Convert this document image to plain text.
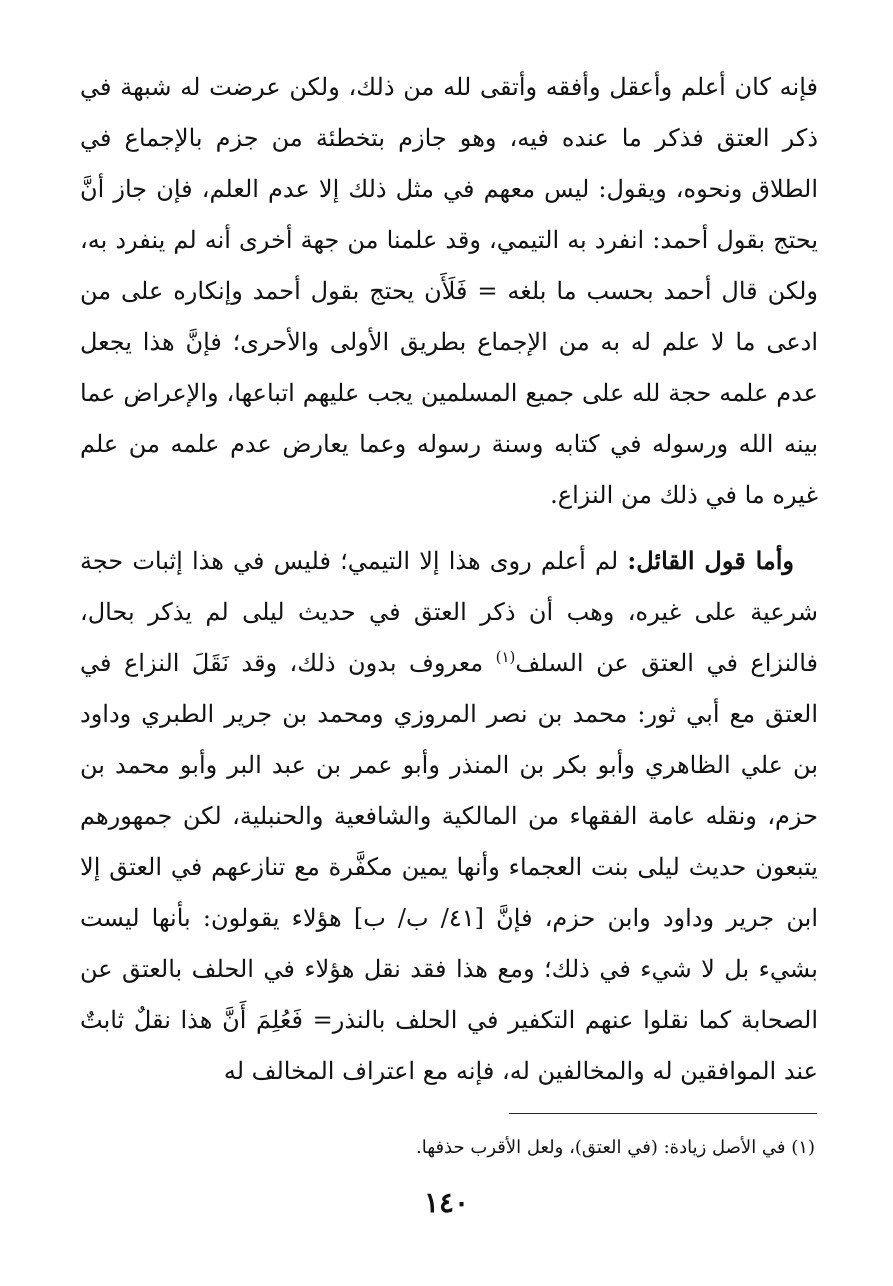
فإنه كان أعلم وأعقل وأفقه وأتقى لله من ذلك، ولكن عرضت له شبهة في ذكر العتق فذكر ما عنده فيه، وهو جازم بتخطئة من جزم بالإجماع في الطلاق ونحوه، ويقول: ليس معهم في مثل ذلك إلا عدم العلم، فإن جاز أنَّ يحتج بقول أحمد: انفرد به التيمي، وقد علمنا من جهة أخرى أنه لم ينفرد به، ولكن قال أحمد بحسب ما بلغه = فَلَأَن يحتج بقول أحمد وإنكاره على من ادعى ما لا علم له به من الإجماع بطريق الأولى والأحرى؛ فإنَّ هذا يجعل عدم علمه حجة لله على جميع المسلمين يجب عليهم اتباعها، والإعراض عما بينه الله ورسوله في كتابه وسنة رسوله وعما يعارض عدم علمه من علم غيره ما في ذلك من النزاع.

وأما قول القائل: لم أعلم روى هذا إلا التيمي؛ فليس في هذا إثبات حجة شرعية على غيره، وهب أن ذكر العتق في حديث ليلى لم يذكر بحال، فالنزاع في العتق عن السلف$^{(١)}$ معروف بدون ذلك، وقد نَقَلَ النزاع في العتق مع أبي ثور: محمد بن نصر المروزي ومحمد بن جرير الطبري وداود بن علي الظاهري وأبو بكر بن المنذر وأبو عمر بن عبد البر وأبو محمد بن حزم، ونقله عامة الفقهاء من المالكية والشافعية والحنبلية، لكن جمهورهم يتبعون حديث ليلى بنت العجماء وأنها يمين مكفَّرة مع تنازعهم في العتق إلا ابن جرير وداود وابن حزم، فإنَّ [٤١/ ب/ ب] هؤلاء يقولون: بأنها ليست بشيء بل لا شيء في ذلك؛ ومع هذا فقد نقل هؤلاء في الحلف بالعتق عن الصحابة كما نقلوا عنهم التكفير في الحلف بالنذر= فَعُلِمَ أَنَّ هذا نقلٌ ثابتٌ عند الموافقين له والمخالفين له، فإنه مع اعتراف المخالف له

(١) في الأصل زيادة: (في العتق)، ولعل الأقرب حذفها.
١٤٠
